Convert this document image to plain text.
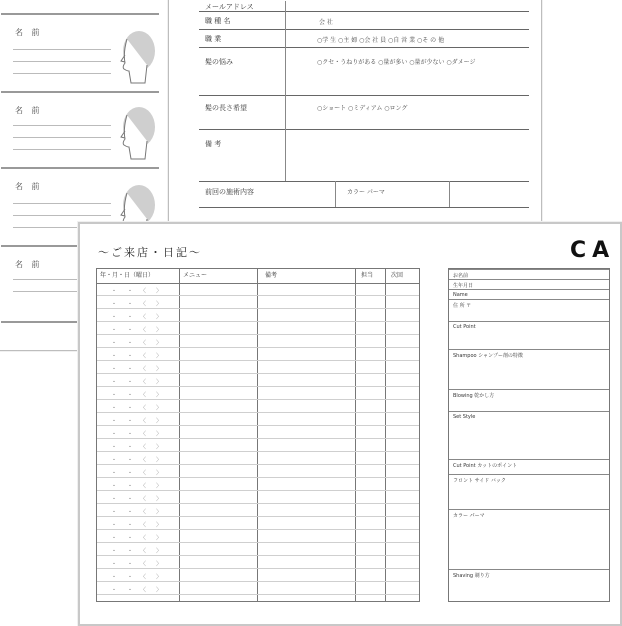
名 前
名 前
名 前
名 前
メールアドレス
職 種 名	会 社
職 業	○学 生 ○主 婦 ○会 社 員 ○自 営 業 ○そ の 他
髪の悩み	○クセ・うねりがある ○量が多い ○量が少ない ○ダメージ
髪の長さ希望	○ショート ○ミディアム ○ロング
備 考
前回の施術内容	カラー パーマ
～ご来店・日記～	CA
年・月・日（曜日）	メニュー	備考	担当	次回
・・〈〉
・・〈〉
・・〈〉
・・〈〉
・・〈〉
・・〈〉
・・〈〉
・・〈〉
・・〈〉
・・〈〉
・・〈〉
・・〈〉
・・〈〉
・・〈〉
・・〈〉
・・〈〉
・・〈〉
・・〈〉
・・〈〉
・・〈〉
・・〈〉
・・〈〉
・・〈〉
・・〈〉
お名前
生年月日
Name
住 所 〒
Cut Point
Shampoo シャンプー剤の特徴
Blowing 乾かし方
Set Style
Cut Point カットのポイント
フロント サイド バック
カラー パーマ
Shaving 剃り方
